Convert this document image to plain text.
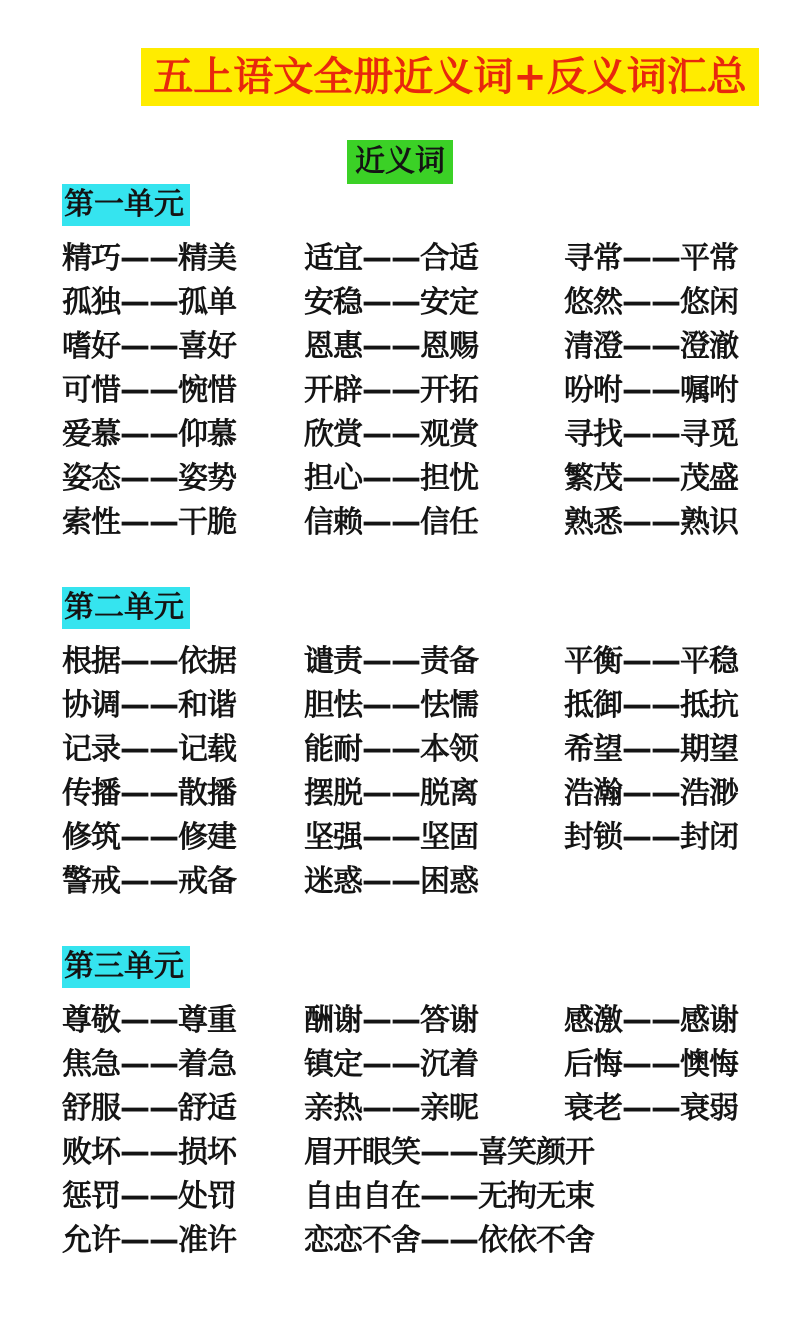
五上语文全册近义词+反义词汇总
近义词
第一单元
精巧——精美	适宜——合适	寻常——平常
孤独——孤单	安稳——安定	悠然——悠闲
嗜好——喜好	恩惠——恩赐	清澄——澄澈
可惜——惋惜	开辟——开拓	吩咐——嘱咐
爱慕——仰慕	欣赏——观赏	寻找——寻觅
姿态——姿势	担心——担忧	繁茂——茂盛
索性——干脆	信赖——信任	熟悉——熟识
第二单元
根据——依据	谴责——责备	平衡——平稳
协调——和谐	胆怯——怯懦	抵御——抵抗
记录——记载	能耐——本领	希望——期望
传播——散播	摆脱——脱离	浩瀚——浩渺
修筑——修建	坚强——坚固	封锁——封闭
警戒——戒备	迷惑——困惑
第三单元
尊敬——尊重	酬谢——答谢	感激——感谢
焦急——着急	镇定——沉着	后悔——懊悔
舒服——舒适	亲热——亲昵	衰老——衰弱
败坏——损坏	眉开眼笑——喜笑颜开
惩罚——处罚	自由自在——无拘无束
允许——准许	恋恋不舍——依依不舍
